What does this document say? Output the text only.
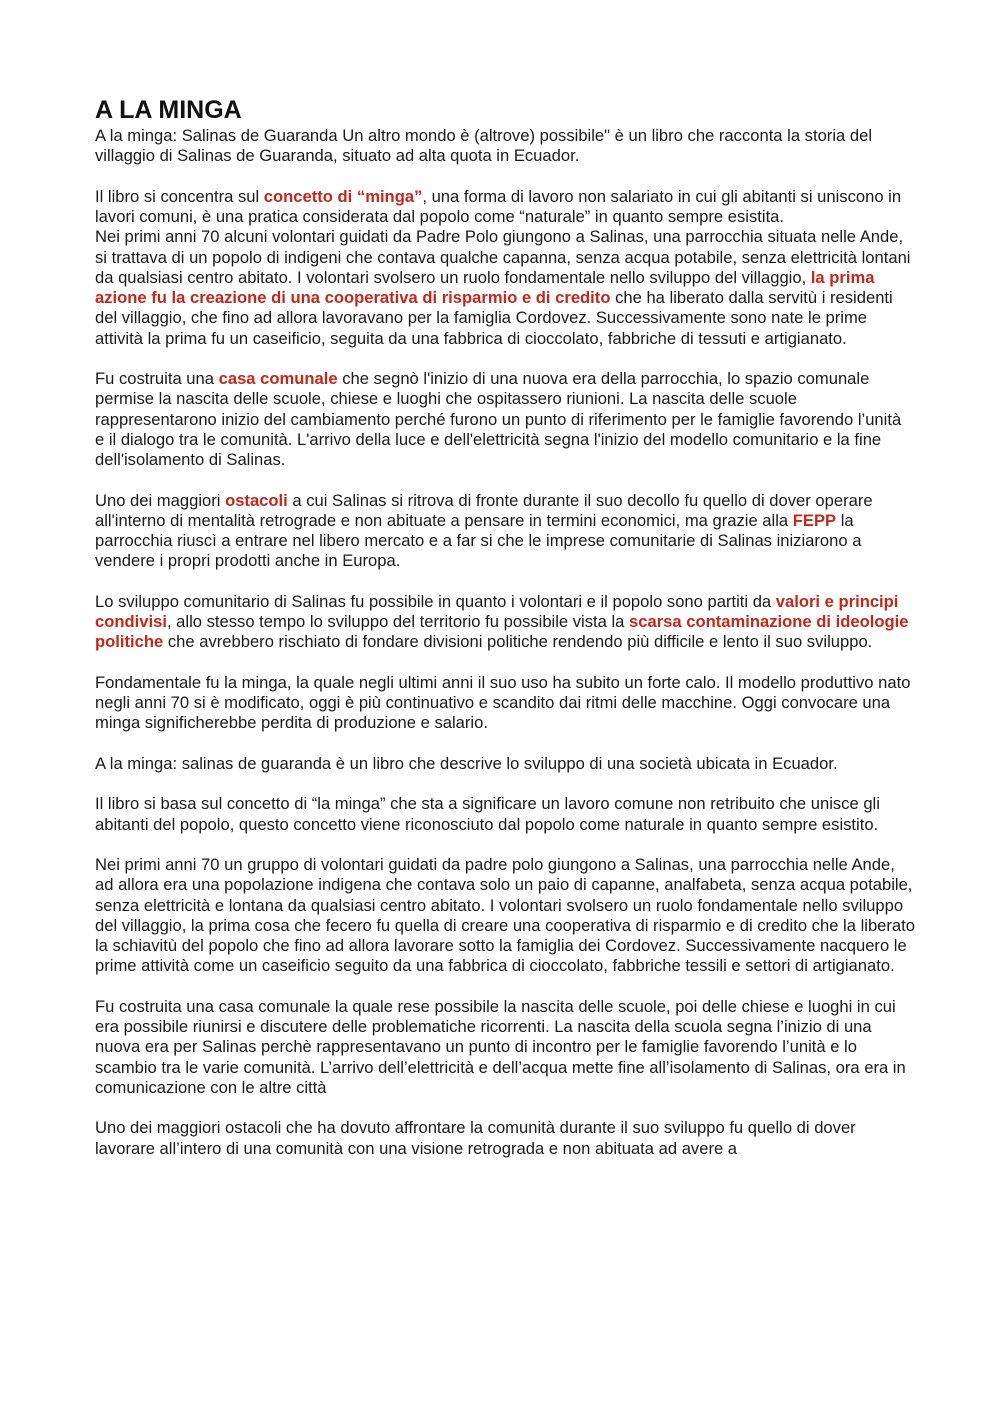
A LA MINGA

A la minga: Salinas de Guaranda Un altro mondo è (altrove) possibile" è un libro che racconta la storia del villaggio di Salinas de Guaranda, situato ad alta quota in Ecuador.

Il libro si concentra sul concetto di “minga”, una forma di lavoro non salariato in cui gli abitanti si uniscono in lavori comuni, è una pratica considerata dal popolo come “naturale” in quanto sempre esistita.

Nei primi anni 70 alcuni volontari guidati da Padre Polo giungono a Salinas, una parrocchia situata nelle Ande, si trattava di un popolo di indigeni che contava qualche capanna, senza acqua potabile, senza elettricità lontani da qualsiasi centro abitato. I volontari svolsero un ruolo fondamentale nello sviluppo del villaggio, la prima azione fu la creazione di una cooperativa di risparmio e di credito che ha liberato dalla servitù i residenti del villaggio, che fino ad allora lavoravano per la famiglia Cordovez. Successivamente sono nate le prime attività la prima fu un caseificio, seguita da una fabbrica di cioccolato, fabbriche di tessuti e artigianato.

Fu costruita una casa comunale che segnò l'inizio di una nuova era della parrocchia, lo spazio comunale permise la nascita delle scuole, chiese e luoghi che ospitassero riunioni. La nascita delle scuole rappresentarono inizio del cambiamento perché furono un punto di riferimento per le famiglie favorendo l’unità e il dialogo tra le comunità. L'arrivo della luce e dell'elettricità segna l'inizio del modello comunitario e la fine dell'isolamento di Salinas.

Uno dei maggiori ostacoli a cui Salinas si ritrova di fronte durante il suo decollo fu quello di dover operare all'interno di mentalità retrograde e non abituate a pensare in termini economici, ma grazie alla FEPP la parrocchia riuscì a entrare nel libero mercato e a far si che le imprese comunitarie di Salinas iniziarono a vendere i propri prodotti anche in Europa.

Lo sviluppo comunitario di Salinas fu possibile in quanto i volontari e il popolo sono partiti da valori e principi condivisi, allo stesso tempo lo sviluppo del territorio fu possibile vista la scarsa contaminazione di ideologie politiche che avrebbero rischiato di fondare divisioni politiche rendendo più difficile e lento il suo sviluppo.

Fondamentale fu la minga, la quale negli ultimi anni il suo uso ha subito un forte calo. Il modello produttivo nato negli anni 70 si è modificato, oggi è più continuativo e scandito dai ritmi delle macchine. Oggi convocare una minga significherebbe perdita di produzione e salario.

A la minga: salinas de guaranda è un libro che descrive lo sviluppo di una società ubicata in Ecuador.

Il libro si basa sul concetto di “la minga” che sta a significare un lavoro comune non retribuito che unisce gli abitanti del popolo, questo concetto viene riconosciuto dal popolo come naturale in quanto sempre esistito.

Nei primi anni 70 un gruppo di volontari guidati da padre polo giungono a Salinas, una parrocchia nelle Ande, ad allora era una popolazione indigena che contava solo un paio di capanne, analfabeta, senza acqua potabile, senza elettricità e lontana da qualsiasi centro abitato. I volontari svolsero un ruolo fondamentale nello sviluppo del villaggio, la prima cosa che fecero fu quella di creare una cooperativa di risparmio e di credito che la liberato la schiavitù del popolo che fino ad allora lavorare sotto la famiglia dei Cordovez. Successivamente nacquero le prime attività come un caseificio seguito da una fabbrica di cioccolato, fabbriche tessili e settori di artigianato.

Fu costruita una casa comunale la quale rese possibile la nascita delle scuole, poi delle chiese e luoghi in cui era possibile riunirsi e discutere delle problematiche ricorrenti. La nascita della scuola segna l’inizio di una nuova era per Salinas perchè rappresentavano un punto di incontro per le famiglie favorendo l’unità e lo scambio tra le varie comunità. L’arrivo dell’elettricità e dell’acqua mette fine all’isolamento di Salinas, ora era in comunicazione con le altre città

Uno dei maggiori ostacoli che ha dovuto affrontare la comunità durante il suo sviluppo fu quello di dover lavorare all’intero di una comunità con una visione retrograda e non abituata ad avere a
